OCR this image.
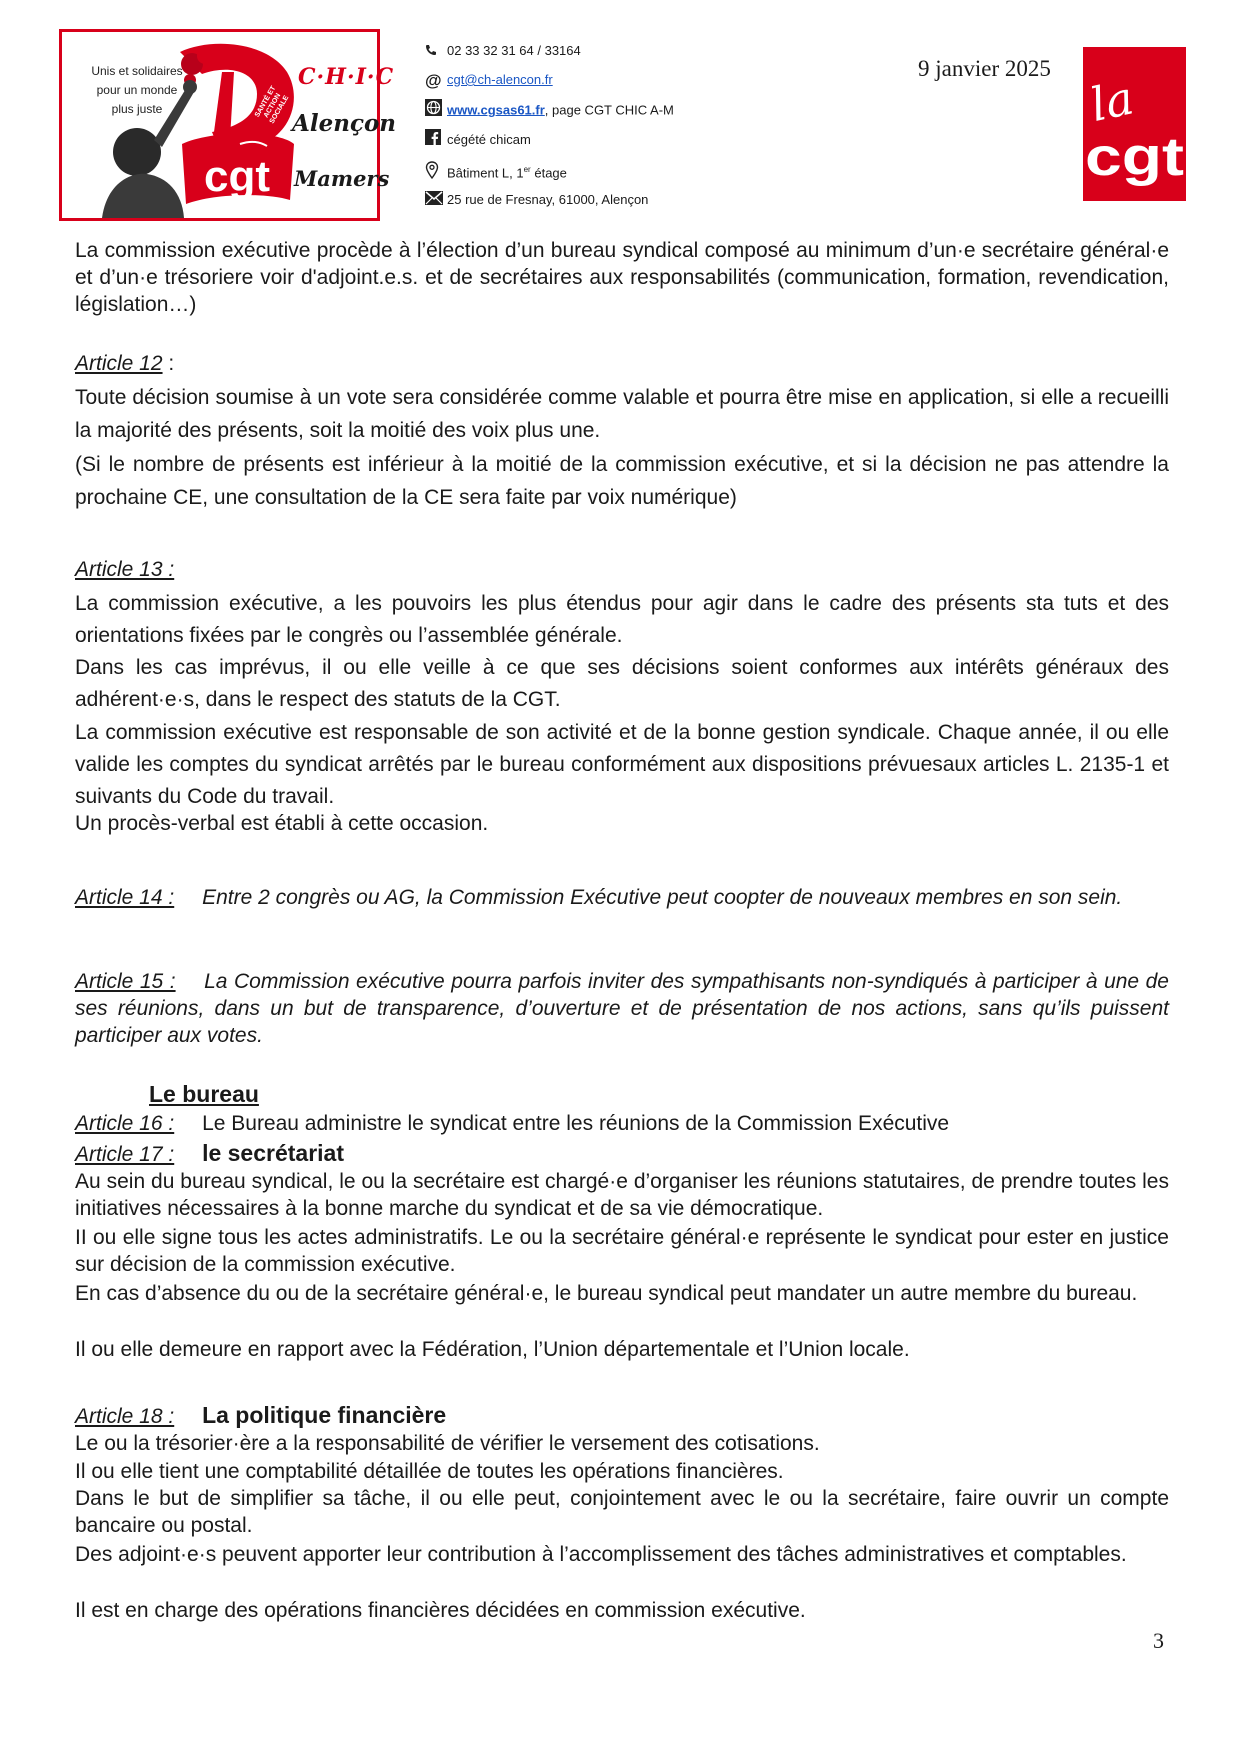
Unis et solidaires
pour un monde
plus juste
C·H·I·C
Alençon
Mamers
cgt
SANTÉ ET ACTION SOCIALE
02 33 32 31 64 / 33164
@ cgt@ch-alencon.fr
www.cgsas61.fr, page CGT CHIC A-M
cégété chicam
Bâtiment L, 1er étage
25 rue de Fresnay, 61000, Alençon
9 janvier 2025
la
cgt
La commission exécutive procède à l’élection d’un bureau syndical composé au minimum d’un·e secrétaire général·e et d’un·e trésoriere voir d'adjoint.e.s. et de secrétaires aux responsabilités (communication, formation, revendication, législation…)
Article 12 :
Toute décision soumise à un vote sera considérée comme valable et pourra être mise en application, si elle a recueilli la majorité des présents, soit la moitié des voix plus une.
(Si le nombre de présents est inférieur à la moitié de la commission exécutive, et si la décision ne pas attendre la prochaine CE, une consultation de la CE sera faite par voix numérique)
Article 13 :
La commission exécutive, a les pouvoirs les plus étendus pour agir dans le cadre des présents sta tuts et des orientations fixées par le congrès ou l’assemblée générale.
Dans les cas imprévus, il ou elle veille à ce que ses décisions soient conformes aux intérêts généraux des adhérent·e·s, dans le respect des statuts de la CGT.
La commission exécutive est responsable de son activité et de la bonne gestion syndicale. Chaque année, il ou elle valide les comptes du syndicat arrêtés par le bureau conformément aux dispositions prévuesaux articles L. 2135-1 et suivants du Code du travail.
Un procès-verbal est établi à cette occasion.
Article 14 : Entre 2 congrès ou AG, la Commission Exécutive peut coopter de nouveaux membres en son sein.
Article 15 : La Commission exécutive pourra parfois inviter des sympathisants non-syndiqués à participer à une de ses réunions, dans un but de transparence, d’ouverture et de présentation de nos actions, sans qu’ils puissent participer aux votes.
Le bureau
Article 16 : Le Bureau administre le syndicat entre les réunions de la Commission Exécutive
Article 17 : le secrétariat
Au sein du bureau syndical, le ou la secrétaire est chargé·e d’organiser les réunions statutaires, de prendre toutes les initiatives nécessaires à la bonne marche du syndicat et de sa vie démocratique.
II ou elle signe tous les actes administratifs. Le ou la secrétaire général·e représente le syndicat pour ester en justice sur décision de la commission exécutive.
En cas d’absence du ou de la secrétaire général·e, le bureau syndical peut mandater un autre membre du bureau.
Il ou elle demeure en rapport avec la Fédération, l’Union départementale et l’Union locale.
Article 18 : La politique financière
Le ou la trésorier·ère a la responsabilité de vérifier le versement des cotisations.
Il ou elle tient une comptabilité détaillée de toutes les opérations financières.
Dans le but de simplifier sa tâche, il ou elle peut, conjointement avec le ou la secrétaire, faire ouvrir un compte bancaire ou postal.
Des adjoint·e·s peuvent apporter leur contribution à l’accomplissement des tâches administratives et comptables.
Il est en charge des opérations financières décidées en commission exécutive.
3
